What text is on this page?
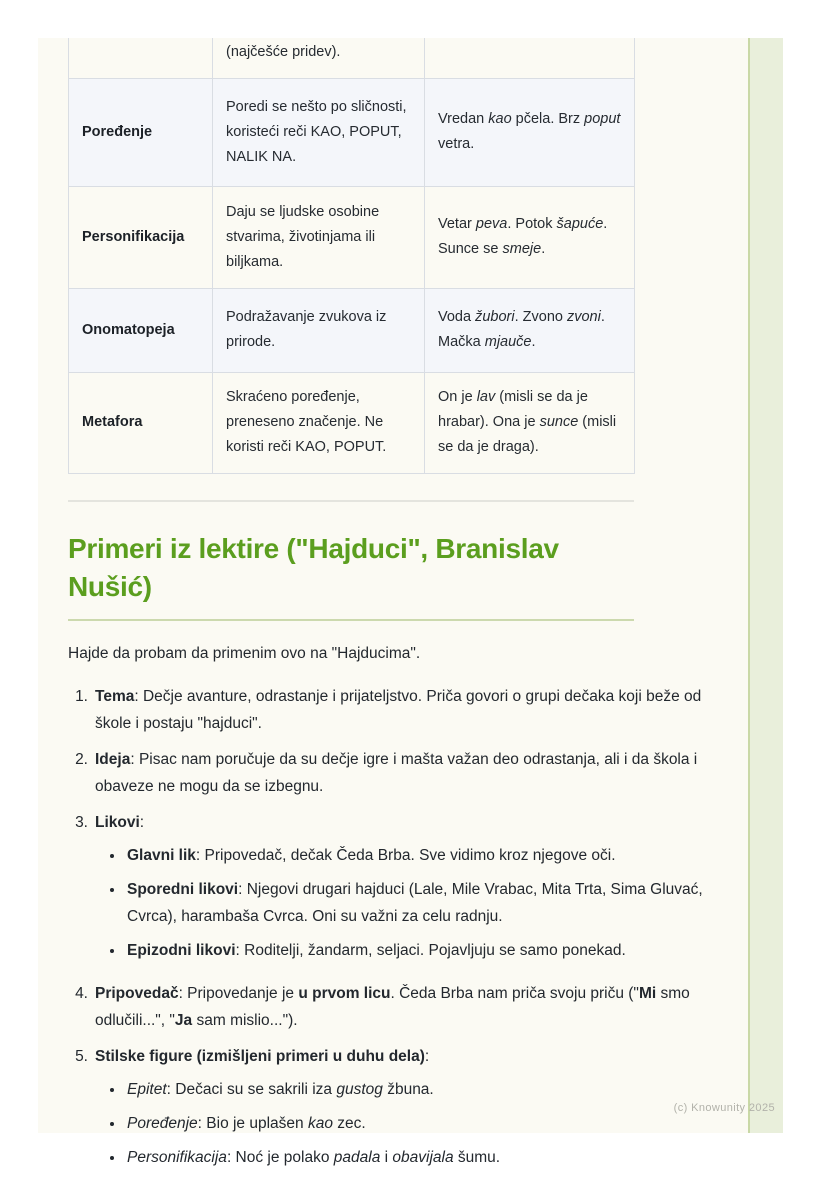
	(najčešće pridev).	
Poređenje	Poredi se nešto po sličnosti, koristeći reči KAO, POPUT, NALIK NA.	Vredan kao pčela. Brz poput vetra.
Personifikacija	Daju se ljudske osobine stvarima, životinjama ili biljkama.	Vetar peva. Potok šapuće. Sunce se smeje.
Onomatopeja	Podražavanje zvukova iz prirode.	Voda žubori. Zvono zvoni. Mačka mjauče.
Metafora	Skraćeno poređenje, preneseno značenje. Ne koristi reči KAO, POPUT.	On je lav (misli se da je hrabar). Ona je sunce (misli se da je draga).
Primeri iz lektire ("Hajduci", Branislav Nušić)

Hajde da probam da primenim ovo na "Hajducima".

1. Tema: Dečje avanture, odrastanje i prijateljstvo. Priča govori o grupi dečaka koji beže od škole i postaju "hajduci".
2. Ideja: Pisac nam poručuje da su dečje igre i mašta važan deo odrastanja, ali i da škola i obaveze ne mogu da se izbegnu.
3. Likovi:
• Glavni lik: Pripovedač, dečak Čeda Brba. Sve vidimo kroz njegove oči.
• Sporedni likovi: Njegovi drugari hajduci (Lale, Mile Vrabac, Mita Trta, Sima Gluvać, Cvrca), harambaša Cvrca. Oni su važni za celu radnju.
• Epizodni likovi: Roditelji, žandarm, seljaci. Pojavljuju se samo ponekad.
4. Pripovedač: Pripovedanje je u prvom licu. Čeda Brba nam priča svoju priču ("Mi smo odlučili...", "Ja sam mislio...").
5. Stilske figure (izmišljeni primeri u duhu dela):
• Epitet: Dečaci su se sakrili iza gustog žbuna.
• Poređenje: Bio je uplašen kao zec.
• Personifikacija: Noć je polako padala i obavijala šumu.
(c) Knowunity 2025
